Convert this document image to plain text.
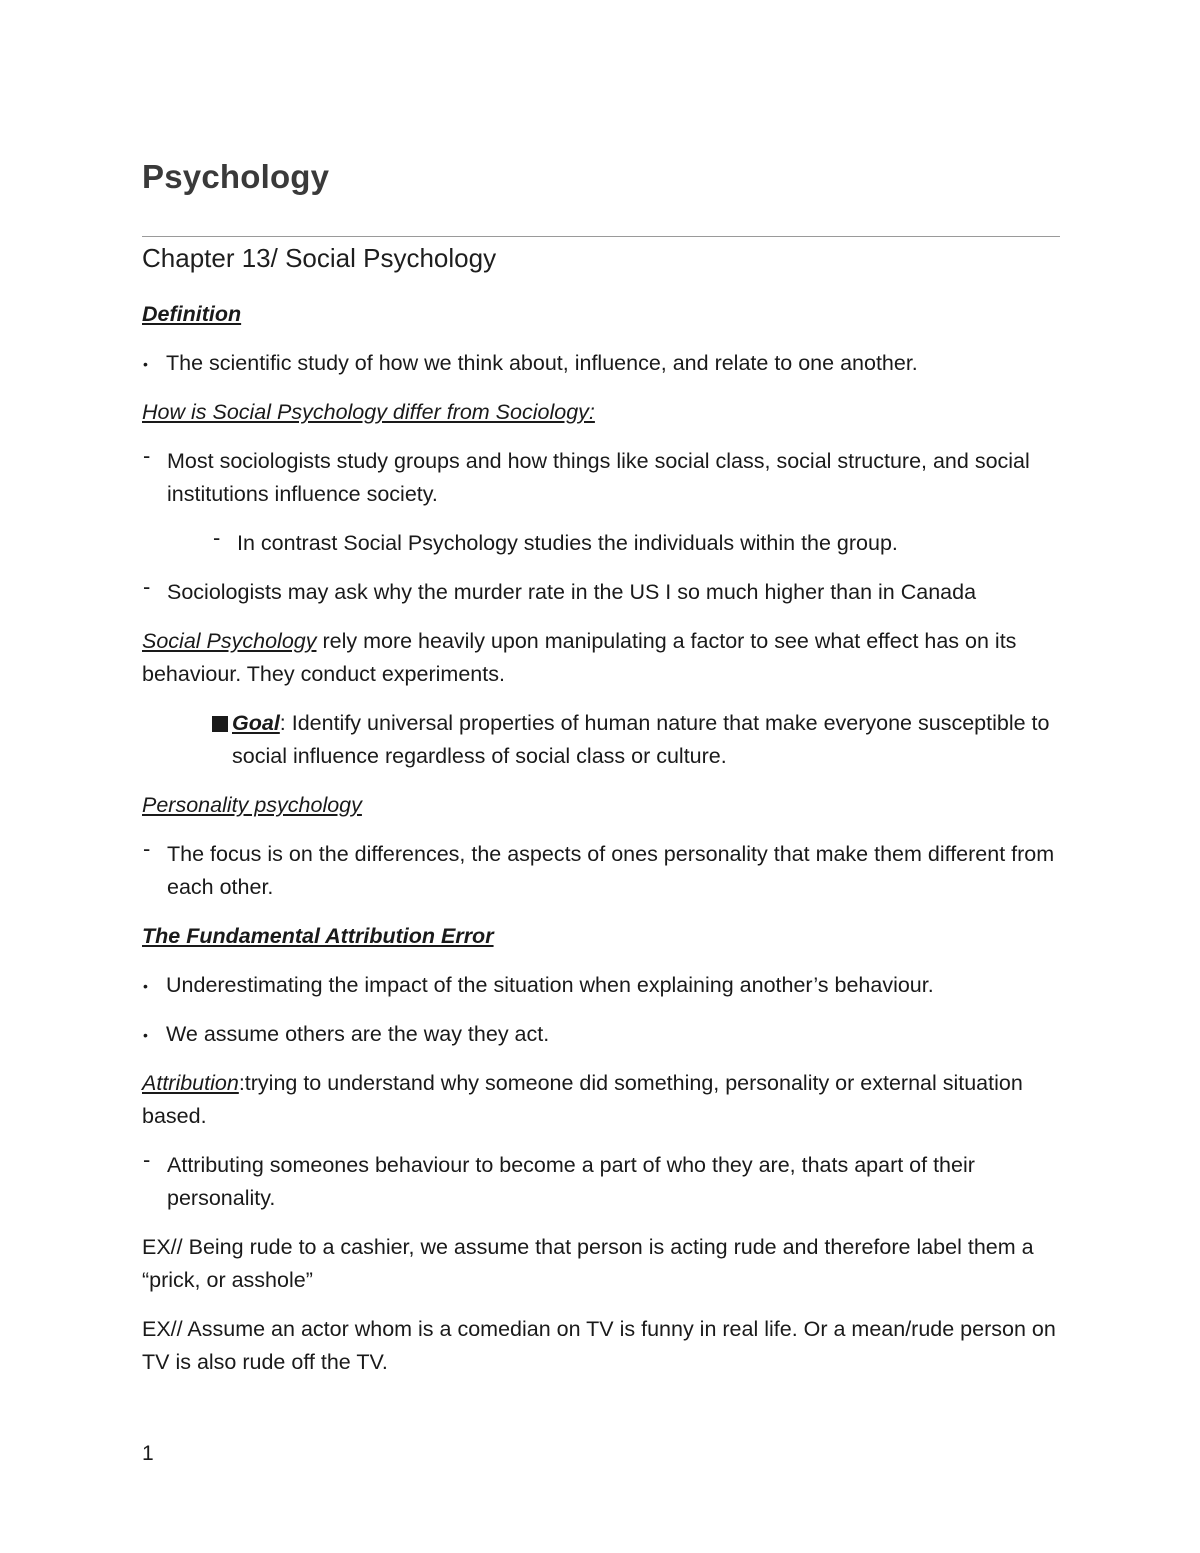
Psychology
Chapter 13/ Social Psychology

Definition

• The scientific study of how we think about, influence, and relate to one another.

How is Social Psychology differ from Sociology:

- Most sociologists study groups and how things like social class, social structure, and social institutions influence society.
- In contrast Social Psychology studies the individuals within the group.
- Sociologists may ask why the murder rate in the US I so much higher than in Canada

Social Psychology rely more heavily upon manipulating a factor to see what effect has on its behaviour. They conduct experiments.

Goal: Identify universal properties of human nature that make everyone susceptible to social influence regardless of social class or culture.

Personality psychology

- The focus is on the differences, the aspects of ones personality that make them different from each other.

The Fundamental Attribution Error

• Underestimating the impact of the situation when explaining another’s behaviour.
• We assume others are the way they act.

Attribution:trying to understand why someone did something, personality or external situation based.

- Attributing someones behaviour to become a part of who they are, thats apart of their personality.

EX// Being rude to a cashier, we assume that person is acting rude and therefore label them a “prick, or asshole”

EX// Assume an actor whom is a comedian on TV is funny in real life. Or a mean/rude person on TV is also rude off the TV.

1
